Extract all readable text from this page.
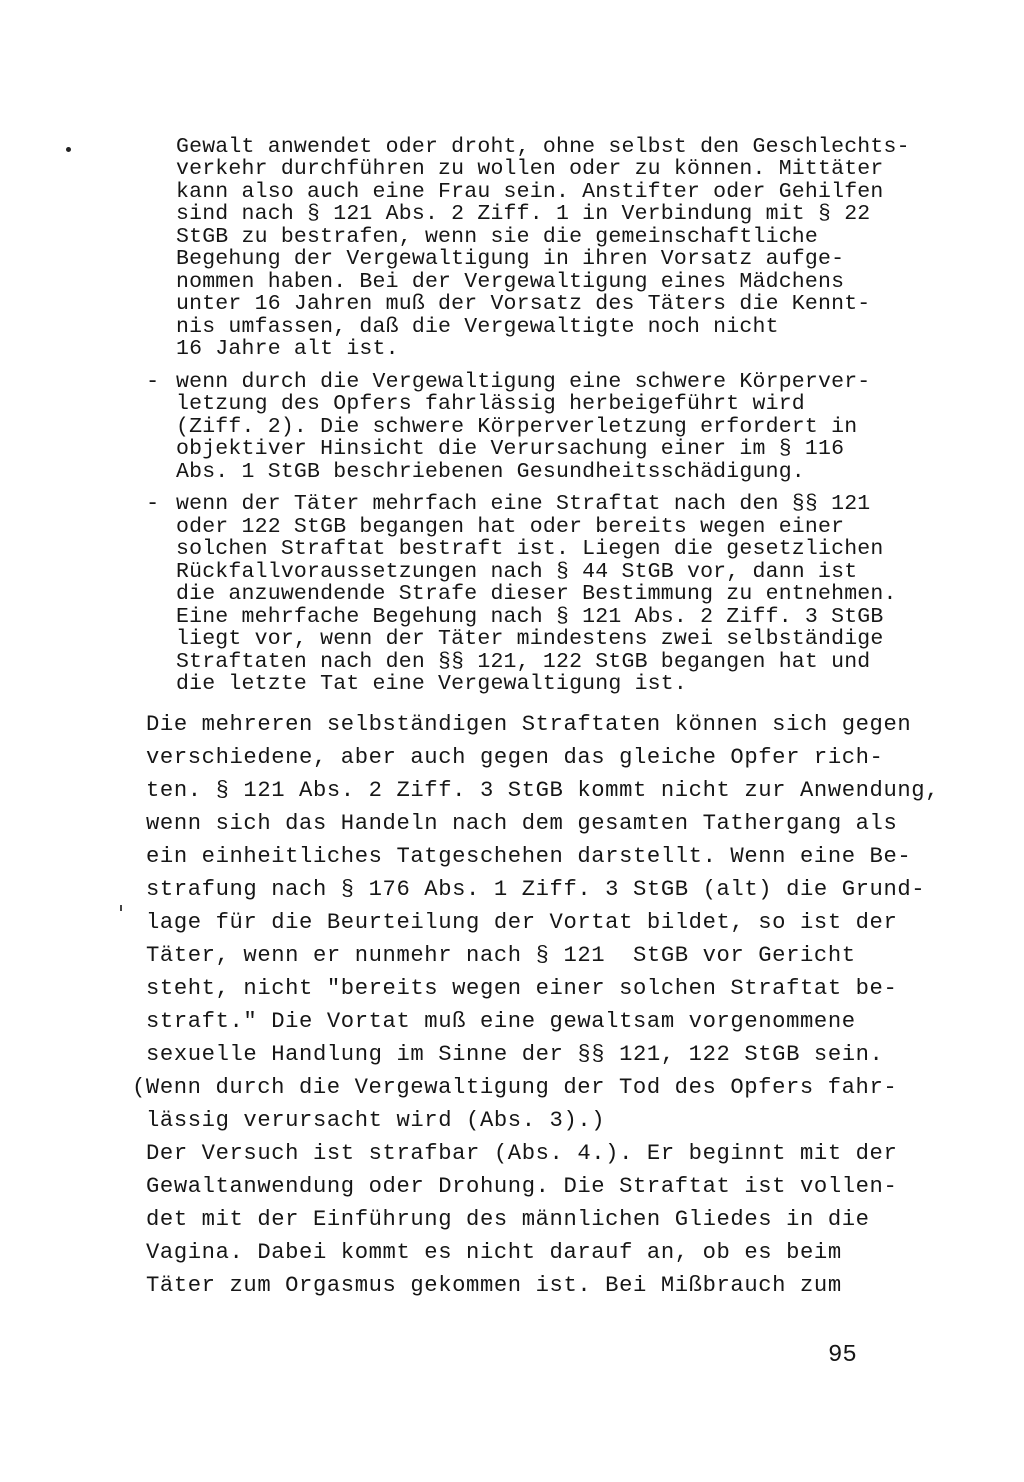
Gewalt anwendet oder droht, ohne selbst den Geschlechts-
verkehr durchführen zu wollen oder zu können. Mittäter
kann also auch eine Frau sein. Anstifter oder Gehilfen
sind nach § 121 Abs. 2 Ziff. 1 in Verbindung mit § 22
StGB zu bestrafen, wenn sie die gemeinschaftliche
Begehung der Vergewaltigung in ihren Vorsatz aufge-
nommen haben. Bei der Vergewaltigung eines Mädchens
unter 16 Jahren muß der Vorsatz des Täters die Kennt-
nis umfassen, daß die Vergewaltigte noch nicht
16 Jahre alt ist.
- wenn durch die Vergewaltigung eine schwere Körperver-
letzung des Opfers fahrlässig herbeigeführt wird
(Ziff. 2). Die schwere Körperverletzung erfordert in
objektiver Hinsicht die Verursachung einer im § 116
Abs. 1 StGB beschriebenen Gesundheitsschädigung.
- wenn der Täter mehrfach eine Straftat nach den §§ 121
oder 122 StGB begangen hat oder bereits wegen einer
solchen Straftat bestraft ist. Liegen die gesetzlichen
Rückfallvoraussetzungen nach § 44 StGB vor, dann ist
die anzuwendende Strafe dieser Bestimmung zu entnehmen.
Eine mehrfache Begehung nach § 121 Abs. 2 Ziff. 3 StGB
liegt vor, wenn der Täter mindestens zwei selbständige
Straftaten nach den §§ 121, 122 StGB begangen hat und
die letzte Tat eine Vergewaltigung ist.
Die mehreren selbständigen Straftaten können sich gegen
verschiedene, aber auch gegen das gleiche Opfer rich-
ten. § 121 Abs. 2 Ziff. 3 StGB kommt nicht zur Anwendung,
wenn sich das Handeln nach dem gesamten Tathergang als
ein einheitliches Tatgeschehen darstellt. Wenn eine Be-
strafung nach § 176 Abs. 1 Ziff. 3 StGB (alt) die Grund-
lage für die Beurteilung der Vortat bildet, so ist der
Täter, wenn er nunmehr nach § 121  StGB vor Gericht
steht, nicht "bereits wegen einer solchen Straftat be-
straft." Die Vortat muß eine gewaltsam vorgenommene
sexuelle Handlung im Sinne der §§ 121, 122 StGB sein.
(Wenn durch die Vergewaltigung der Tod des Opfers fahr-
lässig verursacht wird (Abs. 3).)
Der Versuch ist strafbar (Abs. 4.). Er beginnt mit der
Gewaltanwendung oder Drohung. Die Straftat ist vollen-
det mit der Einführung des männlichen Gliedes in die
Vagina. Dabei kommt es nicht darauf an, ob es beim
Täter zum Orgasmus gekommen ist. Bei Mißbrauch zum
95
